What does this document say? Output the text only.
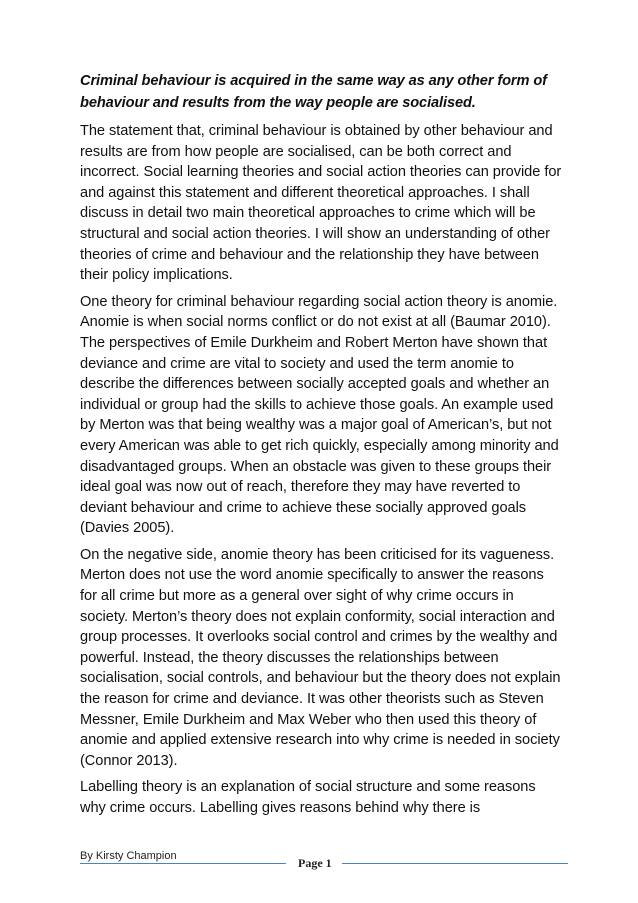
Criminal behaviour is acquired in the same way as any other form of behaviour and results from the way people are socialised.

The statement that, criminal behaviour is obtained by other behaviour and results are from how people are socialised, can be both correct and incorrect. Social learning theories and social action theories can provide for and against this statement and different theoretical approaches. I shall discuss in detail two main theoretical approaches to crime which will be structural and social action theories. I will show an understanding of other theories of crime and behaviour and the relationship they have between their policy implications.

One theory for criminal behaviour regarding social action theory is anomie. Anomie is when social norms conflict or do not exist at all (Baumar 2010). The perspectives of Emile Durkheim and Robert Merton have shown that deviance and crime are vital to society and used the term anomie to describe the differences between socially accepted goals and whether an individual or group had the skills to achieve those goals. An example used by Merton was that being wealthy was a major goal of American’s, but not every American was able to get rich quickly, especially among minority and disadvantaged groups. When an obstacle was given to these groups their ideal goal was now out of reach, therefore they may have reverted to deviant behaviour and crime to achieve these socially approved goals (Davies 2005).

On the negative side, anomie theory has been criticised for its vagueness. Merton does not use the word anomie specifically to answer the reasons for all crime but more as a general over sight of why crime occurs in society. Merton’s theory does not explain conformity, social interaction and group processes. It overlooks social control and crimes by the wealthy and powerful. Instead, the theory discusses the relationships between socialisation, social controls, and behaviour but the theory does not explain the reason for crime and deviance. It was other theorists such as Steven Messner, Emile Durkheim and Max Weber who then used this theory of anomie and applied extensive research into why crime is needed in society (Connor 2013).

Labelling theory is an explanation of social structure and some reasons why crime occurs. Labelling gives reasons behind why there is

By Kirsty Champion	Page 1
